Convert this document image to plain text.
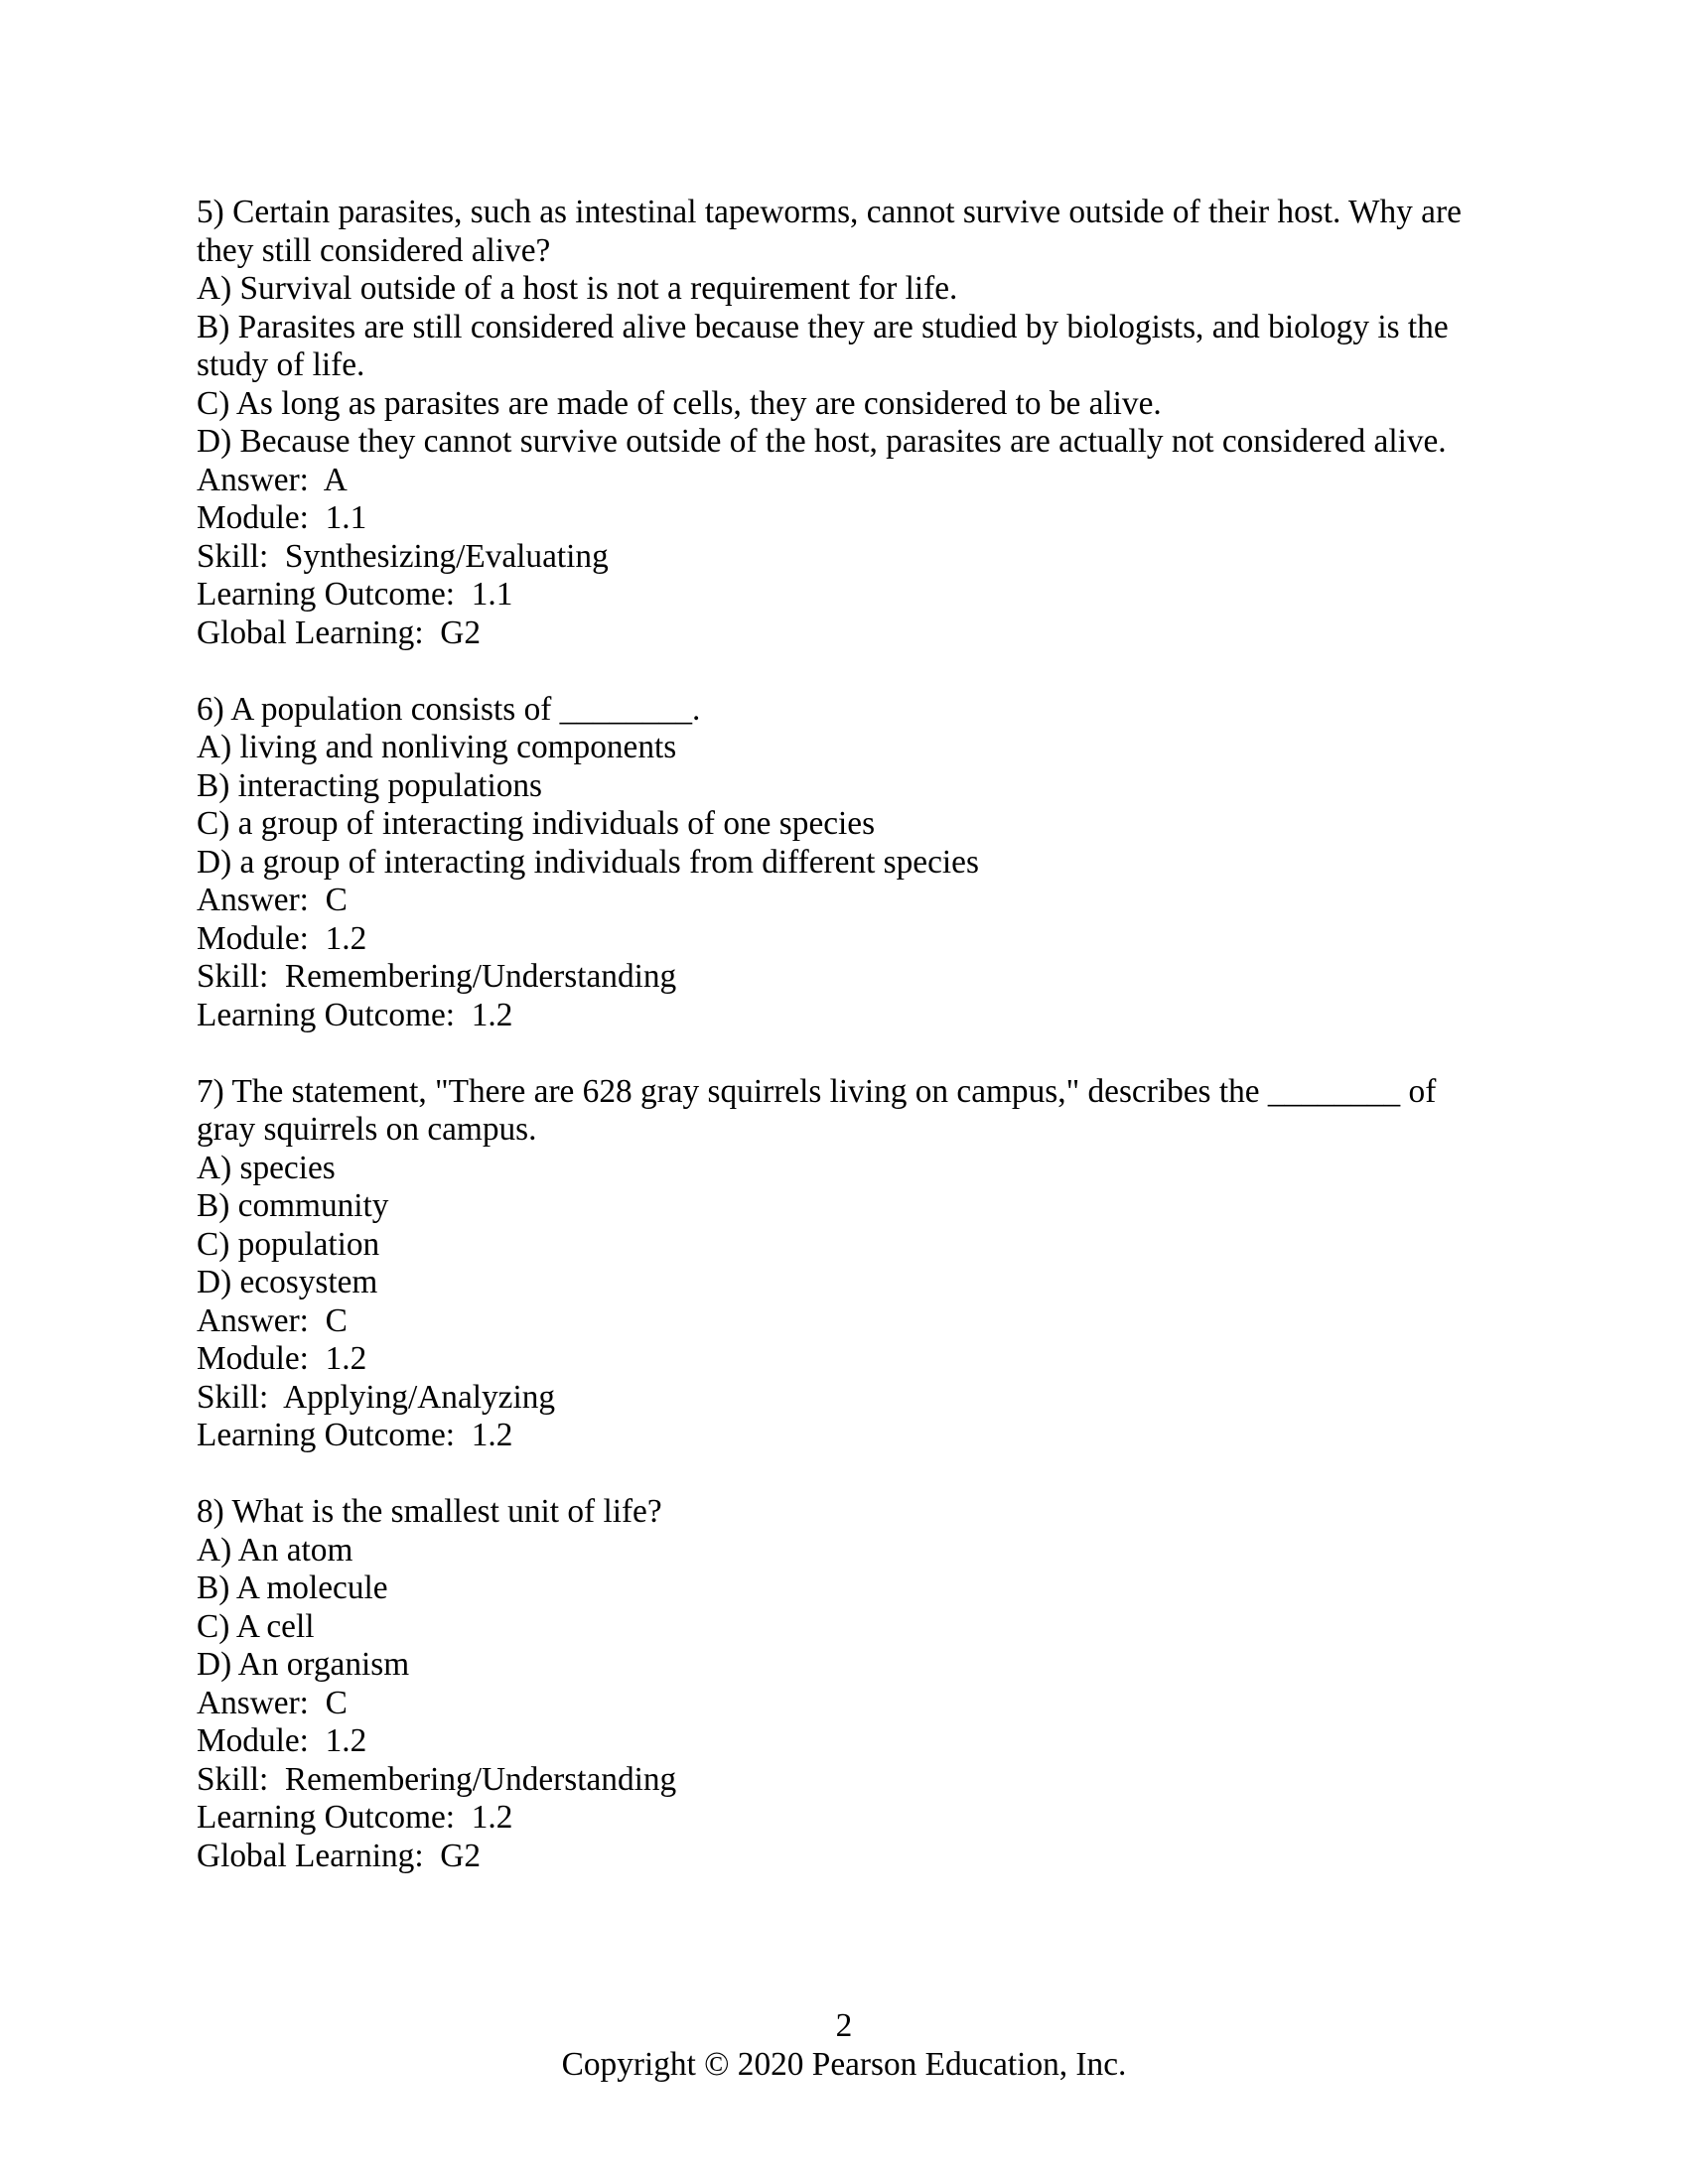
5) Certain parasites, such as intestinal tapeworms, cannot survive outside of their host. Why are they still considered alive?

A) Survival outside of a host is not a requirement for life.

B) Parasites are still considered alive because they are studied by biologists, and biology is the study of life.

C) As long as parasites are made of cells, they are considered to be alive.

D) Because they cannot survive outside of the host, parasites are actually not considered alive.

Answer:  A

Module:  1.1

Skill:  Synthesizing/Evaluating

Learning Outcome:  1.1

Global Learning:  G2

6) A population consists of ________.

A) living and nonliving components

B) interacting populations

C) a group of interacting individuals of one species

D) a group of interacting individuals from different species

Answer:  C

Module:  1.2

Skill:  Remembering/Understanding

Learning Outcome:  1.2

7) The statement, "There are 628 gray squirrels living on campus," describes the ________ of gray squirrels on campus.

A) species

B) community

C) population

D) ecosystem

Answer:  C

Module:  1.2

Skill:  Applying/Analyzing

Learning Outcome:  1.2

8) What is the smallest unit of life?

A) An atom

B) A molecule

C) A cell

D) An organism

Answer:  C

Module:  1.2

Skill:  Remembering/Understanding

Learning Outcome:  1.2

Global Learning:  G2

2

Copyright © 2020 Pearson Education, Inc.
